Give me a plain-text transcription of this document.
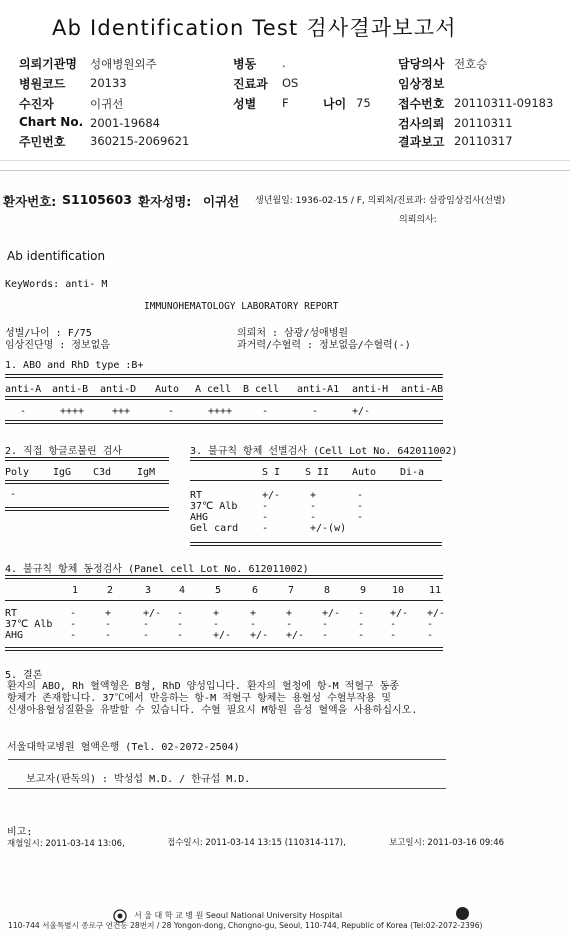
Ab Identification Test 검사결과보고서
의뢰기관명 성애병원외주
병원코드 20133
수진자	이귀선
Chart No. 2001-19684
주민번호 360215-2069621
병동 .
진료과 OS
성별 F	나이 75
담당의사 전호승
임상정보
접수번호 20110311-09183
검사의뢰 20110311
결과보고 20110317
환자번호: S1105603 환자성명: 이귀선 생년월일: 1936-02-15 / F, 의뢰처/진료과: 삼광임상검사(선별)
의뢰의사:
Ab identification
KeyWords: anti- M
IMMUNOHEMATOLOGY LABORATORY REPORT
성별/나이 : F/75
임상진단명 : 정보없음
의뢰처 : 삼광/성애병원
과거력/수혈력 : 정보없음/수혈력(-)
1. ABO and RhD type :B+
anti-A anti-B anti-D Auto A cell B cell anti-A1 anti-H anti-AB
-	++++	+++	-	++++	-	-	+/-
2. 직접 항글로불린 검사
Poly IgG C3d	IgM
-
3. 불규칙 항체 선별검사 (Cell Lot No. 642011002)
S I S II Auto Di-a
RT	+/-	+	-
37℃ Alb -	-	-
AHG	-	-	-
Gel card -	+/-(w)
4. 불규칙 항체 동정검사 (Panel cell Lot No. 612011002)
1	2	3	4	5	6	7	8	9	10 11
RT	-	+	+/- -	+	+	+	+/- -	+/- +/-
37℃ Alb -	-	-	-	-	-	-	-	-	-	-
AHG	-	-	-	-	+/- +/- +/- -	-	-	-
5. 결론
환자의 ABO, Rh 혈액형은 B형, RhD 양성입니다. 환자의 혈청에 항-M 적혈구 동종
항체가 존재합니다. 37℃에서 반응하는 항-M 적혈구 항체는 용혈성 수혈부작용 및
신생아용혈성질환을 유발할 수 있습니다. 수혈 필요시 M항원 음성 혈액을 사용하십시오.
서울대학교병원 혈액은행 (Tel. 02-2072-2504)
보고자(판독의) : 박성섭 M.D. / 한규섭 M.D.
비고:
재혈일시: 2011-03-14 13:06,	접수일시: 2011-03-14 13:15 (110314-117),	보고일시: 2011-03-16 09:46
서 울 대 학 교 병 원 Seoul National University Hospital
110-744 서울특별시 종로구 연건동 28번지 / 28 Yongon-dong, Chongno-gu, Seoul, 110-744, Republic of Korea (Tel:02-2072-2396)
